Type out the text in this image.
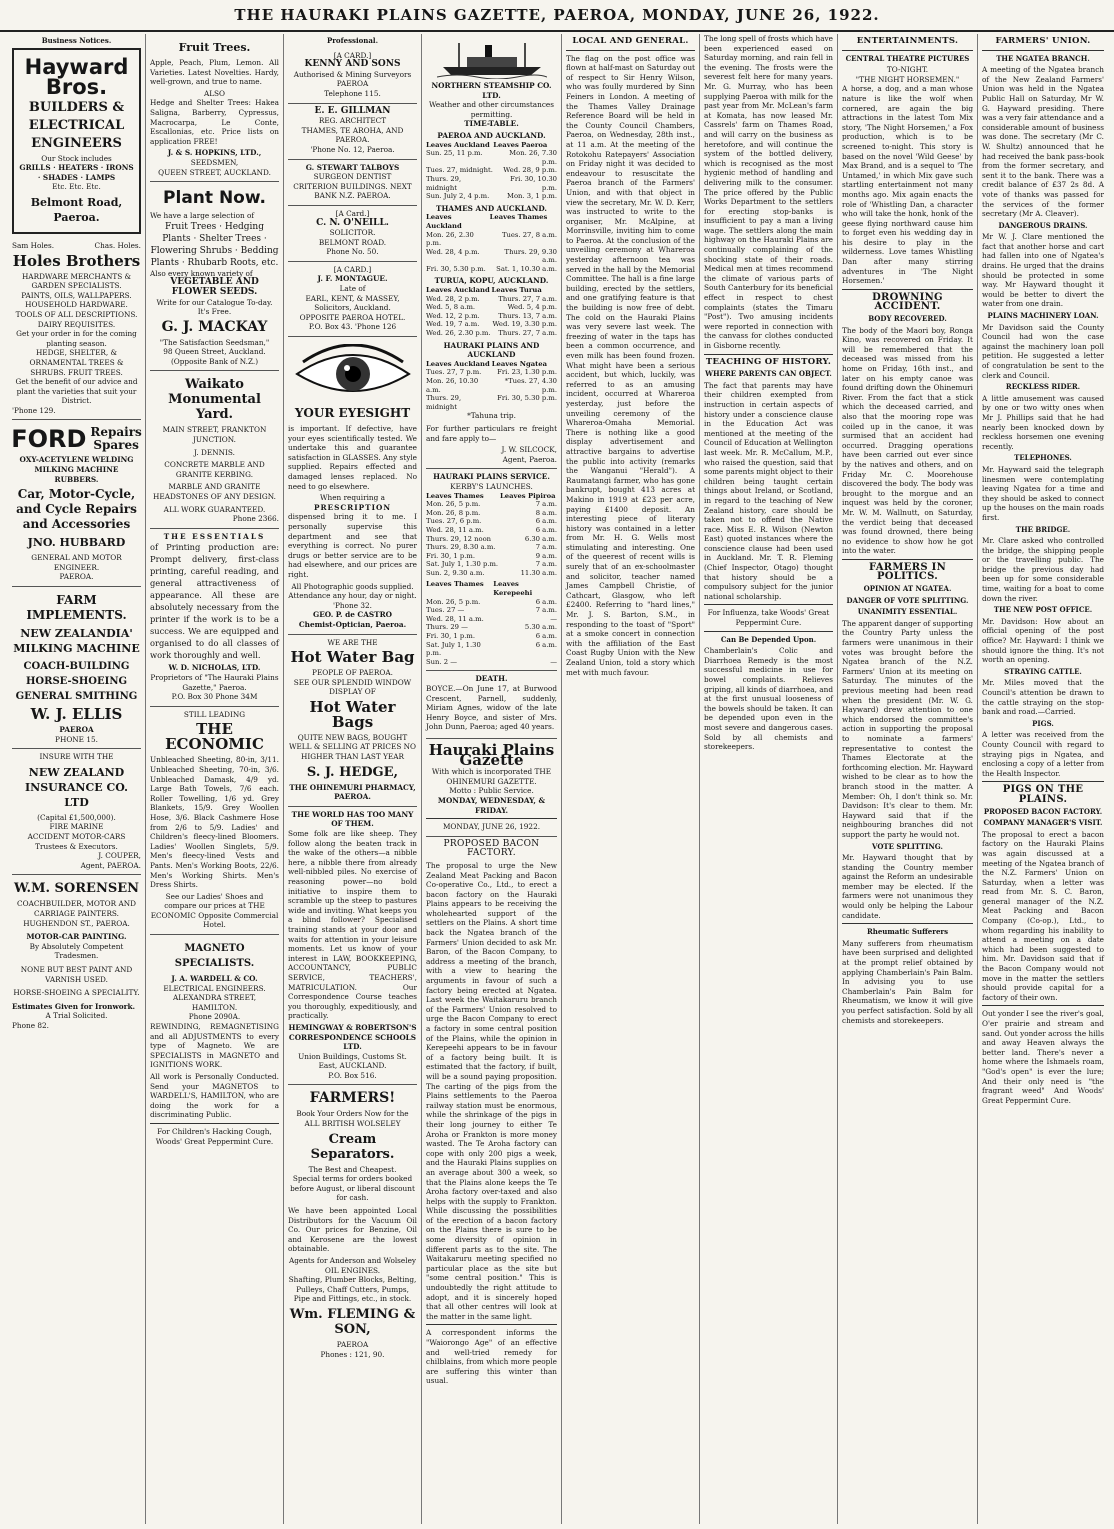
THE HAURAKI PLAINS GAZETTE, PAEROA, MONDAY, JUNE 26, 1922.
Business Notices.
Hayward Bros.
BUILDERS &
ELECTRICAL
ENGINEERS
Our Stock includes
GRILLS · HEATERS · IRONS · SHADES · LAMPS
Etc. Etc. Etc.
Belmont Road, Paeroa.
Sam Holes.	Chas. Holes.
Holes Brothers
HARDWARE MERCHANTS & GARDEN SPECIALISTS.
PAINTS, OILS, WALLPAPERS.
HOUSEHOLD HARDWARE.
TOOLS OF ALL DESCRIPTIONS. DAIRY REQUISITES.
Get your order in for the coming planting season.
HEDGE, SHELTER, & ORNAMENTAL TREES & SHRUBS. FRUIT TREES.
Get the benefit of our advice and plant the varieties that suit your District.
'Phone 129.
FORD Repairs Spares
OXY-ACETYLENE WELDING
MILKING MACHINE RUBBERS.
Car, Motor-Cycle, and Cycle Repairs and Accessories
JNO. HUBBARD
GENERAL AND MOTOR ENGINEER.
PAEROA.
FARM IMPLEMENTS.
NEW ZEALANDIA' MILKING MACHINE
COACH-BUILDING HORSE-SHOEING GENERAL SMITHING
W. J. ELLIS
PAEROA
PHONE 15.
INSURE WITH THE
NEW ZEALAND INSURANCE CO. LTD
(Capital £1,500,000).
FIRE MARINE
ACCIDENT MOTOR-CARS
Trustees & Executors.
J. COUPER,
Agent, PAEROA.
W.M. SORENSEN
COACHBUILDER, MOTOR AND CARRIAGE PAINTERS.
HUGHENDON ST., PAEROA.
MOTOR-CAR PAINTING.
By Absolutely Competent Tradesmen.
NONE BUT BEST PAINT AND VARNISH USED.
HORSE-SHOEING A SPECIALITY.
Estimates Given for Ironwork.
A Trial Solicited.
Phone 82.
Fruit Trees.

Apple, Peach, Plum, Lemon. All Varieties. Latest Novelties. Hardy, well-grown, and true to name.

ALSO

Hedge and Shelter Trees: Hakea Saligna, Barberry, Cypressus, Macrocarpa, Le Conte, Escallonias, etc. Price lists on application FREE!

J. & S. HOPKINS, LTD.,
SEEDSMEN,
QUEEN STREET, AUCKLAND.
Plant Now.
We have a large selection of
Fruit Trees · Hedging Plants · Shelter Trees · Flowering Shrubs · Bedding Plants · Rhubarb Roots, etc.
Also every known variety of
VEGETABLE AND FLOWER SEEDS.
Write for our Catalogue To-day. It's Free.
G. J. MACKAY
"The Satisfaction Seedsman,"
98 Queen Street, Auckland.
(Opposite Bank of N.Z.)
Waikato Monumental Yard.
MAIN STREET, FRANKTON JUNCTION.
J. DENNIS.
CONCRETE MARBLE AND GRANITE KERBING.
MARBLE AND GRANITE HEADSTONES OF ANY DESIGN.
ALL WORK GUARANTEED.
Phone 2366.
THE ESSENTIALS

of Printing production are: Prompt delivery, first-class printing, careful reading, and general attractiveness of appearance. All these are absolutely necessary from the printer if the work is to be a success. We are equipped and organised to do all classes of work thoroughly and well.

W. D. NICHOLAS, LTD.
Proprietors of "The Hauraki Plains Gazette," Paeroa.
P.O. Box 30 Phone 34M
STILL LEADING
THE ECONOMIC

Unbleached Sheeting, 80-in, 3/11. Unbleached Sheeting, 70-in, 3/6. Unbleached Damask, 4/9 yd. Large Bath Towels, 7/6 each. Roller Towelling, 1/6 yd. Grey Blankets, 15/9. Grey Woollen Hose, 3/6. Black Cashmere Hose from 2/6 to 5/9. Ladies' and Children's fleecy-lined Bloomers. Ladies' Woollen Singlets, 5/9. Men's fleecy-lined Vests and Pants. Men's Working Boots, 22/6. Men's Working Shirts. Men's Dress Shirts.

See our Ladies' Shoes and compare our prices at THE ECONOMIC Opposite Commercial Hotel.
MAGNETO SPECIALISTS.
J. A. WARDELL & CO.
ELECTRICAL ENGINEERS. ALEXANDRA STREET, HAMILTON.
Phone 2090A.

REWINDING, REMAGNETISING and all ADJUSTMENTS to every type of Magneto. We are SPECIALISTS in MAGNETO and IGNITIONS WORK.

All work is Personally Conducted. Send your MAGNETOS to WARDELL'S, HAMILTON, who are doing the work for a discriminating Public.

For Children's Hacking Cough, Woods' Great Peppermint Cure.
Professional.
[A CARD.]
KENNY AND SONS
Authorised & Mining Surveyors
PAEROA
Telephone 115.
E. E. GILLMAN
REG. ARCHITECT
THAMES, TE AROHA, AND PAEROA.
'Phone No. 12, Paeroa.
G. STEWART TALBOYS
SURGEON DENTIST
CRITERION BUILDINGS. NEXT BANK N.Z. PAEROA.
[A Card.]
C. N. O'NEILL.
SOLICITOR.
BELMONT ROAD.
Phone No. 50.
[A CARD.]
J. F. MONTAGUE.
Late of
EARL, KENT, & MASSEY, Solicitors, Auckland.
OPPOSITE PAEROA HOTEL.
P.O. Box 43. 'Phone 126
YOUR EYESIGHT

is important. If defective, have your eyes scientifically tested. We undertake this and guarantee satisfaction in GLASSES. Any style supplied. Repairs effected and damaged lenses replaced. No need to go elsewhere.

When requiring a
PRESCRIPTION

dispensed bring it to me. I personally supervise this department and see that everything is correct. No purer drugs or better service are to be had elsewhere, and our prices are right.

All Photographic goods supplied.
Attendance any hour, day or night.
'Phone 32.
GEO. P. de CASTRO
Chemist-Optician, Paeroa.
WE ARE THE
Hot Water Bag
PEOPLE OF PAEROA.
SEE OUR SPLENDID WINDOW DISPLAY OF
Hot Water Bags
QUITE NEW BAGS, BOUGHT WELL & SELLING AT PRICES NO HIGHER THAN LAST YEAR
S. J. HEDGE,
THE OHINEMURI PHARMACY, PAEROA.
THE WORLD HAS TOO MANY OF THEM.

Some folk are like sheep. They follow along the beaten track in the wake of the others—a nibble here, a nibble there from already well-nibbled piles. No exercise of reasoning power—no bold initiative to inspire them to scramble up the steep to pastures wide and inviting. What keeps you a blind follower? Specialised training stands at your door and waits for attention in your leisure moments. Let us know of your interest in LAW, BOOKKEEPING, ACCOUNTANCY, PUBLIC SERVICE, TEACHERS', MATRICULATION. Our Correspondence Course teaches you thoroughly, expeditiously, and practically.

HEMINGWAY & ROBERTSON'S CORRESPONDENCE SCHOOLS LTD.
Union Buildings, Customs St. East, AUCKLAND.
P.O. Box 516.
FARMERS!
Book Your Orders Now for the ALL BRITISH WOLSELEY
Cream Separators.
The Best and Cheapest.
Special terms for orders booked before August, or liberal discount for cash.

We have been appointed Local Distributors for the Vacuum Oil Co. Our prices for Benzine, Oil and Kerosene are the lowest obtainable.

Agents for Anderson and Wolseley OIL ENGINES.
Shafting, Plumber Blocks, Belting, Pulleys, Chaff Cutters, Pumps, Pipe and Fittings, etc., in stock.
Wm. FLEMING & SON,
PAEROA
Phones : 121, 90.
NORTHERN STEAMSHIP CO. LTD.
Weather and other circumstances permitting.
TIME-TABLE.
PAEROA AND AUCKLAND.
Leaves Auckland	Leaves Paeroa
Sun. 25, 11 p.m.	Mon. 26, 7.30 p.m.
Tues. 27, midnight.	Wed. 28, 9 p.m.
Thurs. 29, midnight	Fri. 30, 10.30 p.m.
Sun. July 2, 4 p.m.	Mon. 3, 1 p.m.
THAMES AND AUCKLAND.
Leaves Auckland	Leaves Thames
Mon. 26, 2.30 p.m.	Tues. 27, 8 a.m.
Wed. 28, 4 p.m.	Thurs. 29, 9.30 a.m.
Fri. 30, 5.30 p.m.	Sat. 1, 10.30 a.m.
TURUA, KOPU, AUCKLAND.
Leaves Auckland	Leaves Turua
Wed. 28, 2 p.m.	Thurs. 27, 7 a.m.
Wed. 5, 8 a.m.	Wed. 5, 4 p.m.
Wed. 12, 2 p.m.	Thurs. 13, 7 a.m.
Wed. 19, 7 a.m.	Wed. 19, 3.30 p.m.
Wed. 26, 2.30 p.m.	Thurs. 27, 7 a.m.
HAURAKI PLAINS AND AUCKLAND
Leaves Auckland	Leaves Ngatea
Tues. 27, 7 p.m.	Fri. 23, 1.30 p.m.
Mon. 26, 10.30 a.m.	*Tues. 27, 4.30 p.m.
Thurs. 29, midnight	Fri. 30, 5.30 p.m.
*Tahuna trip.

For further particulars re freight and fare apply to—

J. W. SILCOCK,
Agent, Paeroa.
HAURAKI PLAINS SERVICE.
KERBY'S LAUNCHES.
Leaves Thames	Leaves Pipiroa
Mon. 26, 5 p.m.	7 a.m.
Mon. 26, 8 p.m.	8 a.m.
Tues. 27, 6 p.m.	6 a.m.
Wed. 28, 11 a.m.	6 a.m.
Thurs. 29, 12 noon	6.30 a.m.
Thurs. 29, 8.30 a.m.	7 a.m.
Fri. 30, 1 p.m.	9 a.m.
Sat. July 1, 1.30 p.m.	7 a.m.
Sun. 2, 9.30 a.m.	11.30 a.m.
Leaves Thames	Leaves Kerepeehi
Mon. 26, 5 p.m.	6 a.m.
Tues. 27 —	7 a.m.
Wed. 28, 11 a.m.	—
Thurs. 29 —	5.30 a.m.
Fri. 30, 1 p.m.	6 a.m.
Sat. July 1, 1.30 p.m.	6 a.m.
Sun. 2 —	—
DEATH.

BOYCE.—On June 17, at Burwood Crescent, Parnell, suddenly, Miriam Agnes, widow of the late Henry Boyce, and sister of Mrs. John Dunn, Paeroa; aged 40 years.

Hauraki Plains Gazette
With which is incorporated THE OHINEMURI GAZETTE.
Motto : Public Service.
MONDAY, WEDNESDAY, & FRIDAY.
MONDAY, JUNE 26, 1922.
PROPOSED BACON FACTORY.

The proposal to urge the New Zealand Meat Packing and Bacon Co-operative Co., Ltd., to erect a bacon factory on the Hauraki Plains appears to be receiving the wholehearted support of the settlers on the Plains. A short time back the Ngatea branch of the Farmers' Union decided to ask Mr. Baron, of the Bacon Company, to address a meeting of the branch, with a view to hearing the arguments in favour of such a factory being erected at Ngatea. Last week the Waitakaruru branch of the Farmers' Union resolved to urge the Bacon Company to erect a factory in some central position of the Plains, while the opinion in Kerepeehi appears to be in favour of a factory being built. It is estimated that the factory, if built, will be a sound paying proposition. The carting of the pigs from the Plains settlements to the Paeroa railway station must be enormous, while the shrinkage of the pigs in their long journey to either Te Aroha or Frankton is more money wasted. The Te Aroha factory can cope with only 200 pigs a week, and the Hauraki Plains supplies on an average about 300 a week, so that the Plains alone keeps the Te Aroha factory over-taxed and also helps with the supply to Frankton. While discussing the possibilities of the erection of a bacon factory on the Plains there is sure to be some diversity of opinion in different parts as to the site. The Waitakaruru meeting specified no particular place as the site but "some central position." This is undoubtedly the right attitude to adopt, and it is sincerely hoped that all other centres will look at the matter in the same light.

A correspondent informs the "Waiorongo Age" of an effective and well-tried remedy for chilblains, from which more people are suffering this winter than usual.

LOCAL AND GENERAL.

The flag on the post office was flown at half-mast on Saturday out of respect to Sir Henry Wilson, who was foully murdered by Sinn Feiners in London. A meeting of the Thames Valley Drainage Reference Board will be held in the County Council Chambers, Paeroa, on Wednesday, 28th inst., at 11 a.m. At the meeting of the Rotokohu Ratepayers' Association on Friday night it was decided to endeavour to resuscitate the Paeroa branch of the Farmers' Union, and with that object in view the secretary, Mr. W. D. Kerr, was instructed to write to the organiser, Mr. McAlpine, at Morrinsville, inviting him to come to Paeroa. At the conclusion of the unveiling ceremony at Whareroa yesterday afternoon tea was served in the hall by the Memorial Committee. The hall is a fine large building, erected by the settlers, and one gratifying feature is that the building is now free of debt. The cold on the Hauraki Plains was very severe last week. The freezing of water in the taps has been a common occurrence, and even milk has been found frozen. What might have been a serious accident, but which, luckily, was referred to as an amusing incident, occurred at Whareroa yesterday, just before the unveiling ceremony of the Whareroa-Omaha Memorial. There is nothing like a good display advertisement and attractive bargains to advertise the public into activity (remarks the Wanganui "Herald"). A Raumatangi farmer, who has gone bankrupt, bought 413 acres at Makino in 1919 at £23 per acre, paying £1400 deposit. An interesting piece of literary history was contained in a letter from Mr. H. G. Wells most stimulating and interesting. One of the queerest of recent wills is surely that of an ex-schoolmaster and solicitor, teacher named James Campbell Christie, of Cathcart, Glasgow, who left £2400. Referring to "hard lines," Mr. J. S. Barton, S.M., in responding to the toast of "Sport" at a smoke concert in connection with the affiliation of the East Coast Rugby Union with the New Zealand Union, told a story which met with much favour.

The long spell of frosts which have been experienced eased on Saturday morning, and rain fell in the evening. The frosts were the severest felt here for many years. Mr. G. Murray, who has been supplying Paeroa with milk for the past year from Mr. McLean's farm at Komata, has now leased Mr. Cassrels' farm on Thames Road, and will carry on the business as heretofore, and will continue the system of the bottled delivery, which is recognised as the most hygienic method of handling and delivering milk to the consumer. The price offered by the Public Works Department to the settlers for erecting stop-banks is insufficient to pay a man a living wage. The settlers along the main highway on the Hauraki Plains are continually complaining of the shocking state of their roads. Medical men at times recommend the climate of various parts of South Canterbury for its beneficial effect in respect to chest complaints (states the Timaru "Post"). Two amusing incidents were reported in connection with the canvass for clothes conducted in Gisborne recently.

TEACHING OF HISTORY.
WHERE PARENTS CAN OBJECT.

The fact that parents may have their children exempted from instruction in certain aspects of history under a conscience clause in the Education Act was mentioned at the meeting of the Council of Education at Wellington last week. Mr. R. McCallum, M.P., who raised the question, said that some parents might object to their children being taught certain things about Ireland, or Scotland, in regard to the teaching of New Zealand history, care should be taken not to offend the Native race. Miss E. R. Wilson (Newton East) quoted instances where the conscience clause had been used in Auckland. Mr. T. R. Fleming (Chief Inspector, Otago) thought that history should be a compulsory subject for the junior national scholarship.

For Influenza, take Woods' Great Peppermint Cure.
Can Be Depended Upon.

Chamberlain's Colic and Diarrhoea Remedy is the most successful medicine in use for bowel complaints. Relieves griping, all kinds of diarrhoea, and at the first unusual looseness of the bowels should be taken. It can be depended upon even in the most severe and dangerous cases. Sold by all chemists and storekeepers.

ENTERTAINMENTS.
CENTRAL THEATRE PICTURES
TO-NIGHT.
"THE NIGHT HORSEMEN."

A horse, a dog, and a man whose nature is like the wolf when cornered, are again the big attractions in the latest Tom Mix story, 'The Night Horsemen,' a Fox production, which is to be screened to-night. This story is based on the novel 'Wild Geese' by Max Brand, and is a sequel to 'The Untamed,' in which Mix gave such startling entertainment not many months ago. Mix again enacts the role of 'Whistling Dan, a character who will take the honk, honk of the geese flying northward cause him to forget even his wedding day in his desire to play in the wilderness. Love tames Whistling Dan after many stirring adventures in 'The Night Horsemen.'

DROWNING ACCIDENT.
BODY RECOVERED.

The body of the Maori boy, Ronga Kino, was recovered on Friday. It will be remembered that the deceased was missed from his home on Friday, 16th inst., and later on his empty canoe was found drifting down the Ohinemuri River. From the fact that a stick which the deceased carried, and also that the mooring rope was coiled up in the canoe, it was surmised that an accident had occurred. Dragging operations have been carried out ever since by the natives and others, and on Friday Mr. C. Moorehouse discovered the body. The body was brought to the morgue and an inquest was held by the coroner, Mr. W. M. Wallnutt, on Saturday, the verdict being that deceased was found drowned, there being no evidence to show how he got into the water.

FARMERS IN POLITICS.
OPINION AT NGATEA.
DANGER OF VOTE SPLITTING.
UNANIMITY ESSENTIAL.

The apparent danger of supporting the Country Party unless the farmers were unanimous in their votes was brought before the Ngatea branch of the N.Z. Farmers' Union at its meeting on Saturday. The minutes of the previous meeting had been read when the president (Mr. W. G. Hayward) drew attention to one which endorsed the committee's action in supporting the proposal to nominate a farmers' representative to contest the Thames Electorate at the forthcoming election. Mr. Hayward wished to be clear as to how the branch stood in the matter. A Member: Oh, I don't think so. Mr. Davidson: It's clear to them. Mr. Hayward said that if the neighbouring branches did not support the party he would not.

VOTE SPLITTING.

Mr. Hayward thought that by standing the Country member against the Reform an undesirable member may be elected. If the farmers were not unanimous they would only be helping the Labour candidate.

Rheumatic Sufferers

Many sufferers from rheumatism have been surprised and delighted at the prompt relief obtained by applying Chamberlain's Pain Balm. In advising you to use Chamberlain's Pain Balm for Rheumatism, we know it will give you perfect satisfaction. Sold by all chemists and storekeepers.

FARMERS' UNION.
THE NGATEA BRANCH.

A meeting of the Ngatea branch of the New Zealand Farmers' Union was held in the Ngatea Public Hall on Saturday, Mr W. G. Hayward presiding. There was a very fair attendance and a considerable amount of business was done. The secretary (Mr C. W. Shultz) announced that he had received the bank pass-book from the former secretary, and sent it to the bank. There was a credit balance of £37 2s 8d. A vote of thanks was passed for the services of the former secretary (Mr A. Cleaver).

DANGEROUS DRAINS.

Mr W. J. Clare mentioned the fact that another horse and cart had fallen into one of Ngatea's drains. He urged that the drains should be protected in some way. Mr Hayward thought it would be better to divert the water from one drain.

PLAINS MACHINERY LOAN.

Mr Davidson said the County Council had won the case against the machinery loan poll petition. He suggested a letter of congratulation be sent to the clerk and Council.

RECKLESS RIDER.

A little amusement was caused by one or two witty ones when Mr J. Phillips said that he had nearly been knocked down by reckless horsemen one evening recently.

TELEPHONES.

Mr. Hayward said the telegraph linesmen were contemplating leaving Ngatea for a time and they should be asked to connect up the houses on the main roads first.

THE BRIDGE.

Mr. Clare asked who controlled the bridge, the shipping people or the travelling public. The bridge the previous day had been up for some considerable time, waiting for a boat to come down the river.

THE NEW POST OFFICE.

Mr. Davidson: How about an official opening of the post office? Mr. Hayward: I think we should ignore the thing. It's not worth an opening.

STRAYING CATTLE.

Mr. Miles moved that the Council's attention be drawn to the cattle straying on the stop-bank and road.—Carried.

PIGS.

A letter was received from the County Council with regard to straying pigs in Ngatea, and enclosing a copy of a letter from the Health Inspector.

PIGS ON THE PLAINS.
PROPOSED BACON FACTORY.
COMPANY MANAGER'S VISIT.

The proposal to erect a bacon factory on the Hauraki Plains was again discussed at a meeting of the Ngatea branch of the N.Z. Farmers' Union on Saturday, when a letter was read from Mr. S. C. Baron, general manager of the N.Z. Meat Packing and Bacon Company (Co-op.), Ltd., to whom regarding his inability to attend a meeting on a date which had been suggested to him. Mr. Davidson said that if the Bacon Company would not move in the matter the settlers should provide capital for a factory of their own.

Out yonder I see the river's goal, O'er prairie and stream and sand. Out yonder across the hills and away Heaven always the better land. There's never a home where the Ishmaels roam, "God's open" is ever the lure; And their only need is "the fragrant weed" And Woods' Great Peppermint Cure.
